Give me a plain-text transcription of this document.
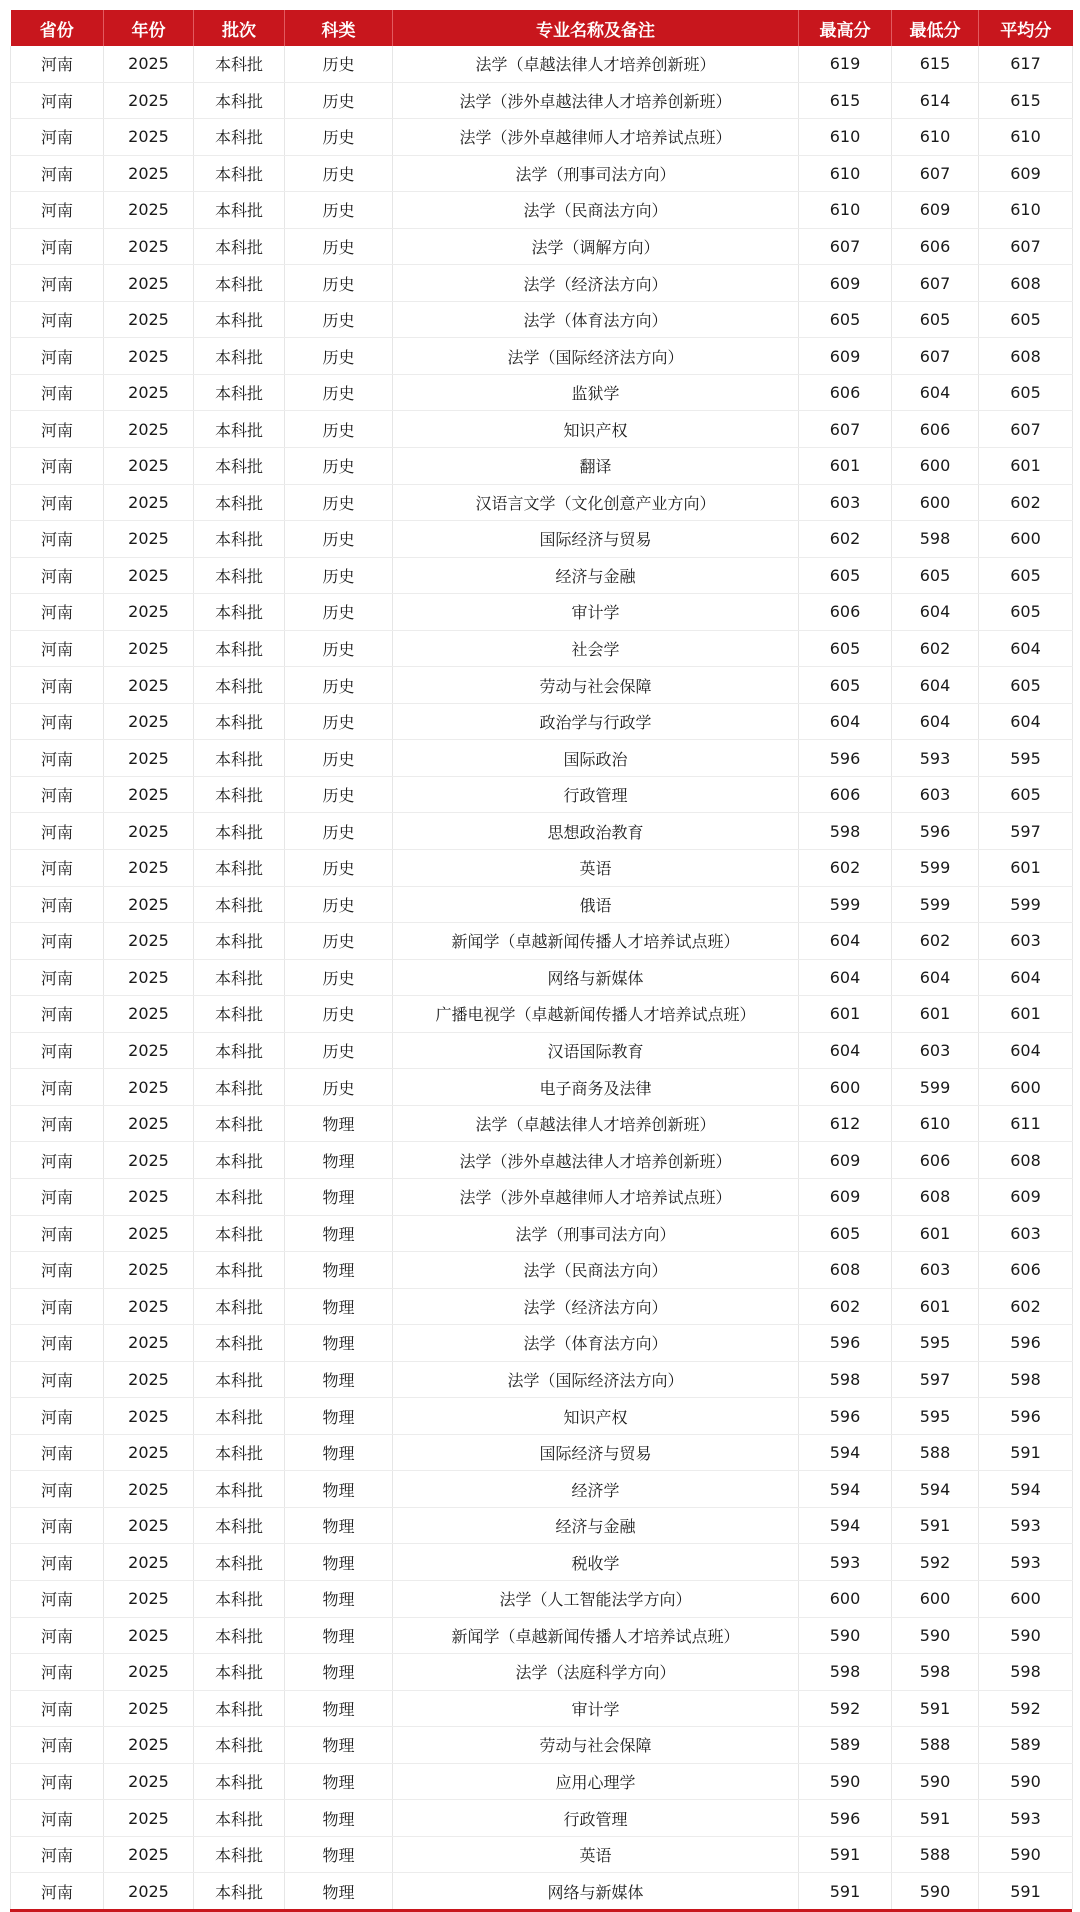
省份	年份	批次	科类	专业名称及备注	最高分	最低分	平均分
河南	2025	本科批	历史	法学（卓越法律人才培养创新班）	619	615	617
河南	2025	本科批	历史	法学（涉外卓越法律人才培养创新班）	615	614	615
河南	2025	本科批	历史	法学（涉外卓越律师人才培养试点班）	610	610	610
河南	2025	本科批	历史	法学（刑事司法方向）	610	607	609
河南	2025	本科批	历史	法学（民商法方向）	610	609	610
河南	2025	本科批	历史	法学（调解方向）	607	606	607
河南	2025	本科批	历史	法学（经济法方向）	609	607	608
河南	2025	本科批	历史	法学（体育法方向）	605	605	605
河南	2025	本科批	历史	法学（国际经济法方向）	609	607	608
河南	2025	本科批	历史	监狱学	606	604	605
河南	2025	本科批	历史	知识产权	607	606	607
河南	2025	本科批	历史	翻译	601	600	601
河南	2025	本科批	历史	汉语言文学（文化创意产业方向）	603	600	602
河南	2025	本科批	历史	国际经济与贸易	602	598	600
河南	2025	本科批	历史	经济与金融	605	605	605
河南	2025	本科批	历史	审计学	606	604	605
河南	2025	本科批	历史	社会学	605	602	604
河南	2025	本科批	历史	劳动与社会保障	605	604	605
河南	2025	本科批	历史	政治学与行政学	604	604	604
河南	2025	本科批	历史	国际政治	596	593	595
河南	2025	本科批	历史	行政管理	606	603	605
河南	2025	本科批	历史	思想政治教育	598	596	597
河南	2025	本科批	历史	英语	602	599	601
河南	2025	本科批	历史	俄语	599	599	599
河南	2025	本科批	历史	新闻学（卓越新闻传播人才培养试点班）	604	602	603
河南	2025	本科批	历史	网络与新媒体	604	604	604
河南	2025	本科批	历史	广播电视学（卓越新闻传播人才培养试点班）	601	601	601
河南	2025	本科批	历史	汉语国际教育	604	603	604
河南	2025	本科批	历史	电子商务及法律	600	599	600
河南	2025	本科批	物理	法学（卓越法律人才培养创新班）	612	610	611
河南	2025	本科批	物理	法学（涉外卓越法律人才培养创新班）	609	606	608
河南	2025	本科批	物理	法学（涉外卓越律师人才培养试点班）	609	608	609
河南	2025	本科批	物理	法学（刑事司法方向）	605	601	603
河南	2025	本科批	物理	法学（民商法方向）	608	603	606
河南	2025	本科批	物理	法学（经济法方向）	602	601	602
河南	2025	本科批	物理	法学（体育法方向）	596	595	596
河南	2025	本科批	物理	法学（国际经济法方向）	598	597	598
河南	2025	本科批	物理	知识产权	596	595	596
河南	2025	本科批	物理	国际经济与贸易	594	588	591
河南	2025	本科批	物理	经济学	594	594	594
河南	2025	本科批	物理	经济与金融	594	591	593
河南	2025	本科批	物理	税收学	593	592	593
河南	2025	本科批	物理	法学（人工智能法学方向）	600	600	600
河南	2025	本科批	物理	新闻学（卓越新闻传播人才培养试点班）	590	590	590
河南	2025	本科批	物理	法学（法庭科学方向）	598	598	598
河南	2025	本科批	物理	审计学	592	591	592
河南	2025	本科批	物理	劳动与社会保障	589	588	589
河南	2025	本科批	物理	应用心理学	590	590	590
河南	2025	本科批	物理	行政管理	596	591	593
河南	2025	本科批	物理	英语	591	588	590
河南	2025	本科批	物理	网络与新媒体	591	590	591
